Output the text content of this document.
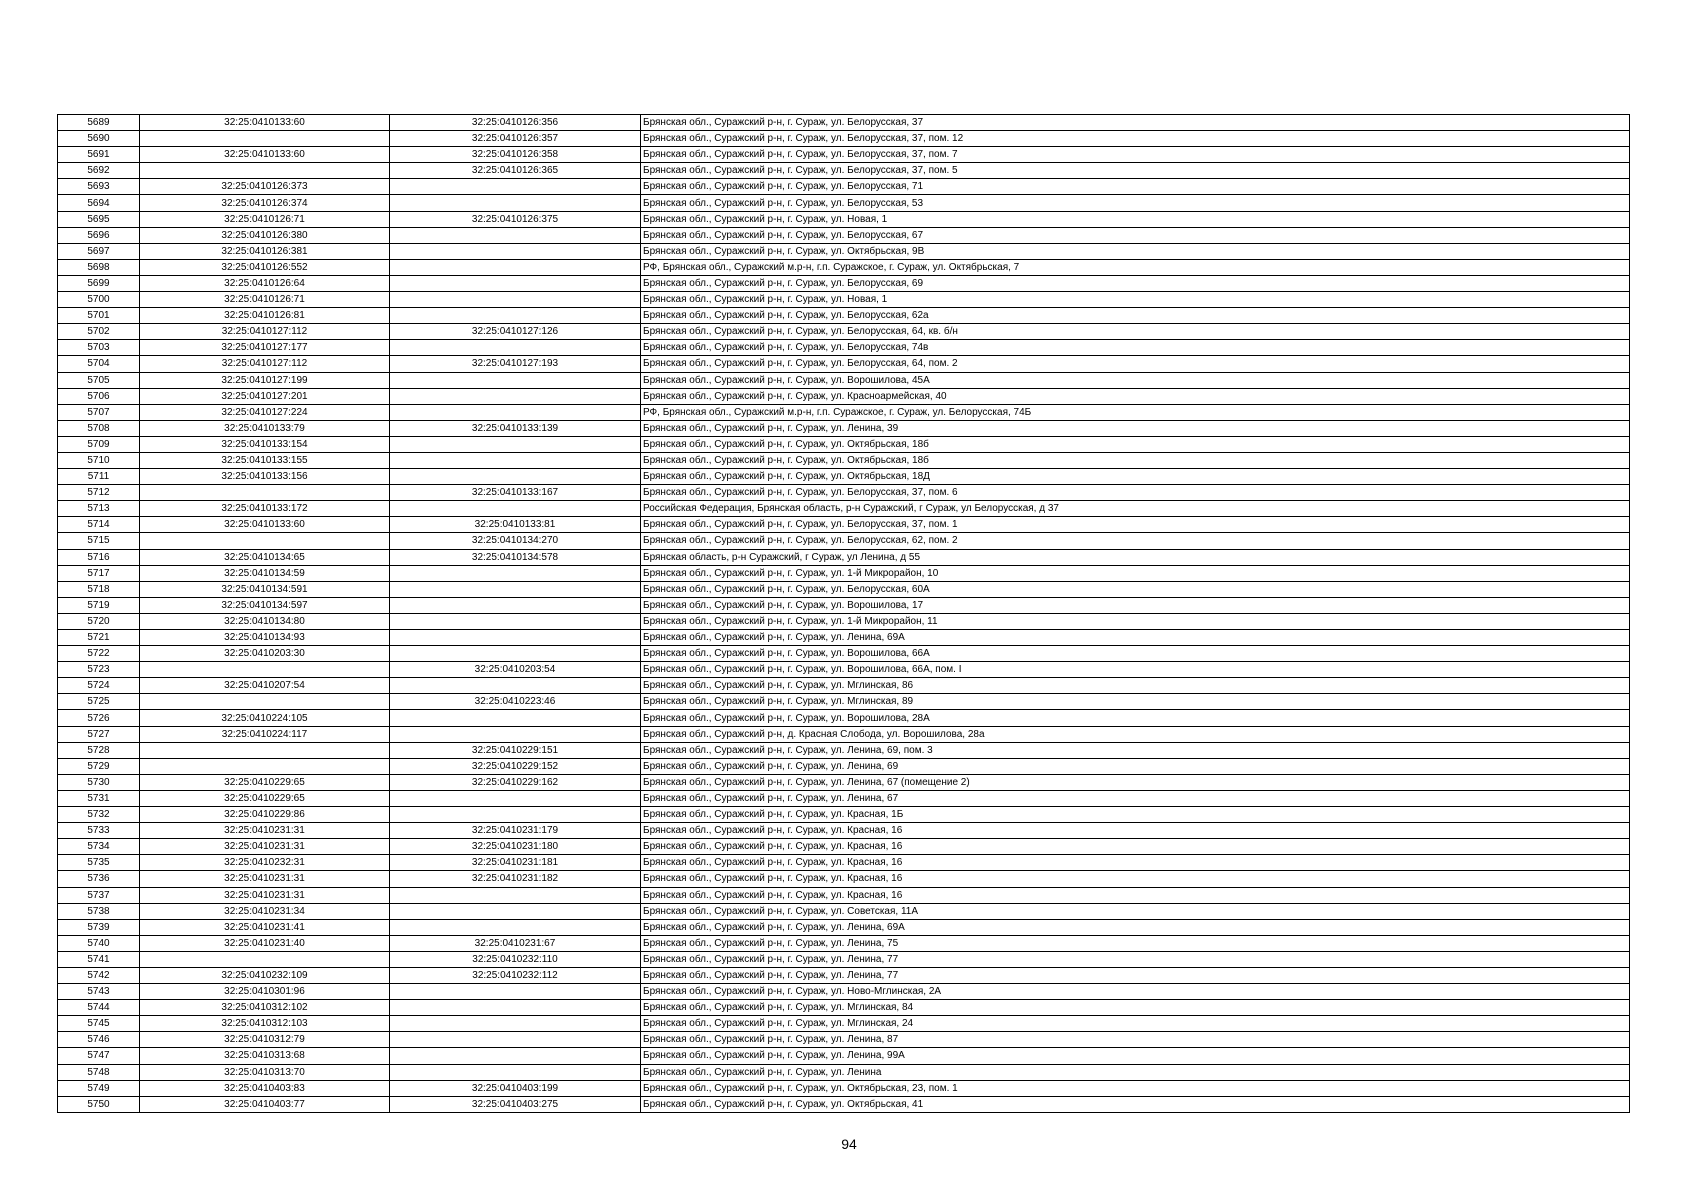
5689	32:25:0410133:60	32:25:0410126:356	Брянская обл., Суражский р-н, г. Сураж, ул. Белорусская, 37
5690		32:25:0410126:357	Брянская обл., Суражский р-н, г. Сураж, ул. Белорусская, 37, пом. 12
5691	32:25:0410133:60	32:25:0410126:358	Брянская обл., Суражский р-н, г. Сураж, ул. Белорусская, 37, пом. 7
5692		32:25:0410126:365	Брянская обл., Суражский р-н, г. Сураж, ул. Белорусская, 37, пом. 5
5693	32:25:0410126:373		Брянская обл., Суражский р-н, г. Сураж, ул. Белорусская, 71
5694	32:25:0410126:374		Брянская обл., Суражский р-н, г. Сураж, ул. Белорусская, 53
5695	32:25:0410126:71	32:25:0410126:375	Брянская обл., Суражский р-н, г. Сураж, ул. Новая, 1
5696	32:25:0410126:380		Брянская обл., Суражский р-н, г. Сураж, ул. Белорусская, 67
5697	32:25:0410126:381		Брянская обл., Суражский р-н, г. Сураж, ул. Октябрьская, 9В
5698	32:25:0410126:552		РФ, Брянская обл., Суражский м.р-н, г.п. Суражское, г. Сураж, ул. Октябрьская, 7
5699	32:25:0410126:64		Брянская обл., Суражский р-н, г. Сураж, ул. Белорусская, 69
5700	32:25:0410126:71		Брянская обл., Суражский р-н, г. Сураж, ул. Новая, 1
5701	32:25:0410126:81		Брянская обл., Суражский р-н, г. Сураж, ул. Белорусская, 62а
5702	32:25:0410127:112	32:25:0410127:126	Брянская обл., Суражский р-н, г. Сураж, ул. Белорусская, 64, кв. б/н
5703	32:25:0410127:177		Брянская обл., Суражский р-н, г. Сураж, ул. Белорусская, 74в
5704	32:25:0410127:112	32:25:0410127:193	Брянская обл., Суражский р-н, г. Сураж, ул. Белорусская, 64, пом. 2
5705	32:25:0410127:199		Брянская обл., Суражский р-н, г. Сураж, ул. Ворошилова, 45А
5706	32:25:0410127:201		Брянская обл., Суражский р-н, г. Сураж, ул. Красноармейская, 40
5707	32:25:0410127:224		РФ, Брянская обл., Суражский м.р-н, г.п. Суражское, г. Сураж, ул. Белорусская, 74Б
5708	32:25:0410133:79	32:25:0410133:139	Брянская обл., Суражский р-н, г. Сураж, ул. Ленина, 39
5709	32:25:0410133:154		Брянская обл., Суражский р-н, г. Сураж, ул. Октябрьская, 18б
5710	32:25:0410133:155		Брянская обл., Суражский р-н, г. Сураж, ул. Октябрьская, 18б
5711	32:25:0410133:156		Брянская обл., Суражский р-н, г. Сураж, ул. Октябрьская, 18Д
5712		32:25:0410133:167	Брянская обл., Суражский р-н, г. Сураж, ул. Белорусская, 37, пом. 6
5713	32:25:0410133:172		Российская Федерация, Брянская область, р-н Суражский, г Сураж, ул Белорусская, д 37
5714	32:25:0410133:60	32:25:0410133:81	Брянская обл., Суражский р-н, г. Сураж, ул. Белорусская, 37, пом. 1
5715		32:25:0410134:270	Брянская обл., Суражский р-н, г. Сураж, ул. Белорусская, 62, пом. 2
5716	32:25:0410134:65	32:25:0410134:578	Брянская область, р-н Суражский, г Сураж, ул Ленина, д 55
5717	32:25:0410134:59		Брянская обл., Суражский р-н, г. Сураж, ул. 1-й Микрорайон, 10
5718	32:25:0410134:591		Брянская обл., Суражский р-н, г. Сураж, ул. Белорусская, 60А
5719	32:25:0410134:597		Брянская обл., Суражский р-н, г. Сураж, ул. Ворошилова, 17
5720	32:25:0410134:80		Брянская обл., Суражский р-н, г. Сураж, ул. 1-й Микрорайон, 11
5721	32:25:0410134:93		Брянская обл., Суражский р-н, г. Сураж, ул. Ленина, 69А
5722	32:25:0410203:30		Брянская обл., Суражский р-н, г. Сураж, ул. Ворошилова, 66А
5723		32:25:0410203:54	Брянская обл., Суражский р-н, г. Сураж, ул. Ворошилова, 66А, пом. I
5724	32:25:0410207:54		Брянская обл., Суражский р-н, г. Сураж, ул. Мглинская, 86
5725		32:25:0410223:46	Брянская обл., Суражский р-н, г. Сураж, ул. Мглинская, 89
5726	32:25:0410224:105		Брянская обл., Суражский р-н, г. Сураж, ул. Ворошилова, 28А
5727	32:25:0410224:117		Брянская обл., Суражский р-н, д. Красная Слобода, ул. Ворошилова, 28а
5728		32:25:0410229:151	Брянская обл., Суражский р-н, г. Сураж, ул. Ленина, 69, пом. 3
5729		32:25:0410229:152	Брянская обл., Суражский р-н, г. Сураж, ул. Ленина, 69
5730	32:25:0410229:65	32:25:0410229:162	Брянская обл., Суражский р-н, г. Сураж, ул. Ленина, 67 (помещение 2)
5731	32:25:0410229:65		Брянская обл., Суражский р-н, г. Сураж, ул. Ленина, 67
5732	32:25:0410229:86		Брянская обл., Суражский р-н, г. Сураж, ул. Красная, 1Б
5733	32:25:0410231:31	32:25:0410231:179	Брянская обл., Суражский р-н, г. Сураж, ул. Красная, 16
5734	32:25:0410231:31	32:25:0410231:180	Брянская обл., Суражский р-н, г. Сураж, ул. Красная, 16
5735	32:25:0410232:31	32:25:0410231:181	Брянская обл., Суражский р-н, г. Сураж, ул. Красная, 16
5736	32:25:0410231:31	32:25:0410231:182	Брянская обл., Суражский р-н, г. Сураж, ул. Красная, 16
5737	32:25:0410231:31		Брянская обл., Суражский р-н, г. Сураж, ул. Красная, 16
5738	32:25:0410231:34		Брянская обл., Суражский р-н, г. Сураж, ул. Советская, 11А
5739	32:25:0410231:41		Брянская обл., Суражский р-н, г. Сураж, ул. Ленина, 69А
5740	32:25:0410231:40	32:25:0410231:67	Брянская обл., Суражский р-н, г. Сураж, ул. Ленина, 75
5741		32:25:0410232:110	Брянская обл., Суражский р-н, г. Сураж, ул. Ленина, 77
5742	32:25:0410232:109	32:25:0410232:112	Брянская обл., Суражский р-н, г. Сураж, ул. Ленина, 77
5743	32:25:0410301:96		Брянская обл., Суражский р-н, г. Сураж, ул. Ново-Мглинская, 2А
5744	32:25:0410312:102		Брянская обл., Суражский р-н, г. Сураж, ул. Мглинская, 84
5745	32:25:0410312:103		Брянская обл., Суражский р-н, г. Сураж, ул. Мглинская, 24
5746	32:25:0410312:79		Брянская обл., Суражский р-н, г. Сураж, ул. Ленина, 87
5747	32:25:0410313:68		Брянская обл., Суражский р-н, г. Сураж, ул. Ленина, 99А
5748	32:25:0410313:70		Брянская обл., Суражский р-н, г. Сураж, ул. Ленина
5749	32:25:0410403:83	32:25:0410403:199	Брянская обл., Суражский р-н, г. Сураж, ул. Октябрьская, 23, пом. 1
5750	32:25:0410403:77	32:25:0410403:275	Брянская обл., Суражский р-н, г. Сураж, ул. Октябрьская, 41
94
